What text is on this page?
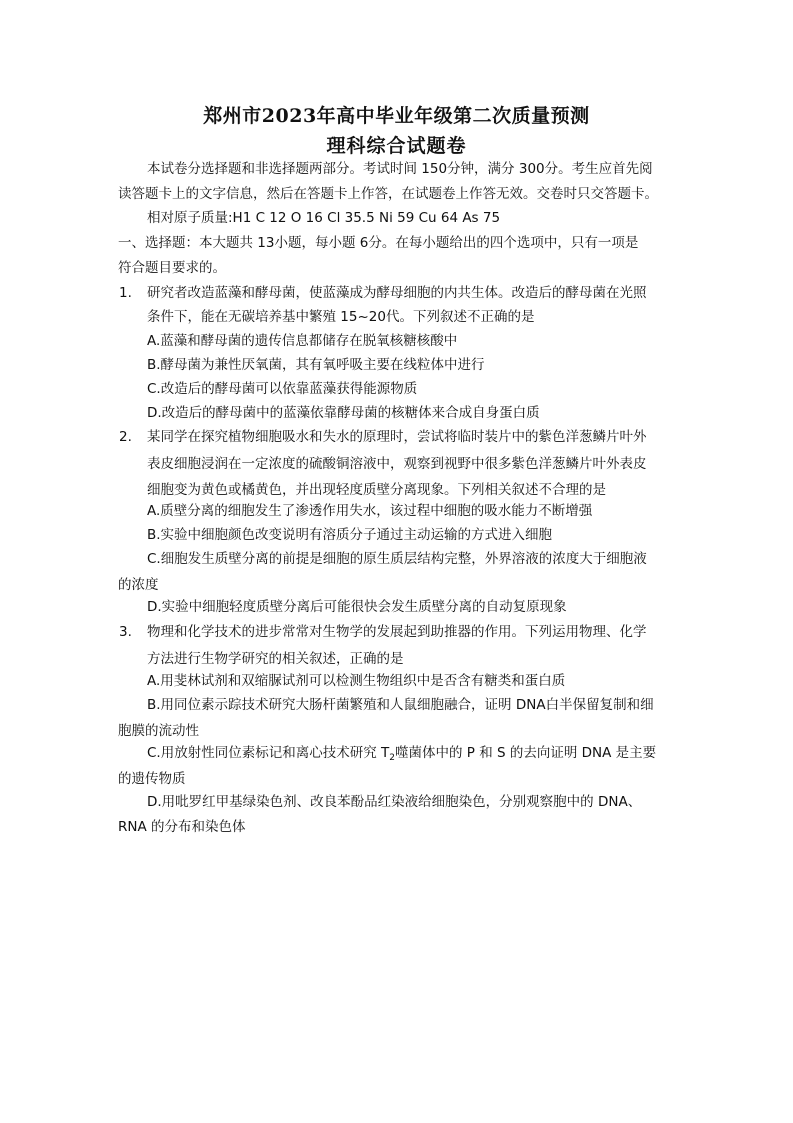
郑州市2023年高中毕业年级第二次质量预测
理科综合试题卷
本试卷分选择题和非选择题两部分。考试时间 150分钟，满分 300分。考生应首先阅
读答题卡上的文字信息，然后在答题卡上作答，在试题卷上作答无效。交卷时只交答题卡。
相对原子质量:H1 C 12 O 16 Cl 35.5 Ni 59 Cu 64 As 75
一、选择题：本大题共 13小题，每小题 6分。在每小题给出的四个选项中，只有一项是
符合题目要求的。
1. 研究者改造蓝藻和酵母菌，使蓝藻成为酵母细胞的内共生体。改造后的酵母菌在光照
条件下，能在无碳培养基中繁殖 15~20代。下列叙述不正确的是
A.蓝藻和酵母菌的遗传信息都储存在脱氧核糖核酸中
B.酵母菌为兼性厌氧菌，其有氧呼吸主要在线粒体中进行
C.改造后的酵母菌可以依靠蓝藻获得能源物质
D.改造后的酵母菌中的蓝藻依靠酵母菌的核糖体来合成自身蛋白质
2. 某同学在探究植物细胞吸水和失水的原理时，尝试将临时装片中的紫色洋葱鳞片叶外
表皮细胞浸润在一定浓度的硫酸铜溶液中，观察到视野中很多紫色洋葱鳞片叶外表皮
细胞变为黄色或橘黄色，并出现轻度质壁分离现象。下列相关叙述不合理的是
A.质壁分离的细胞发生了渗透作用失水，该过程中细胞的吸水能力不断增强
B.实验中细胞颜色改变说明有溶质分子通过主动运输的方式进入细胞
C.细胞发生质壁分离的前提是细胞的原生质层结构完整，外界溶液的浓度大于细胞液
的浓度
D.实验中细胞轻度质壁分离后可能很快会发生质壁分离的自动复原现象
3. 物理和化学技术的进步常常对生物学的发展起到助推器的作用。下列运用物理、化学
方法进行生物学研究的相关叙述，正确的是
A.用斐林试剂和双缩脲试剂可以检测生物组织中是否含有糖类和蛋白质
B.用同位素示踪技术研究大肠杆菌繁殖和人鼠细胞融合，证明 DNA白半保留复制和细
胞膜的流动性
C.用放射性同位素标记和离心技术研究 $T_2$噬菌体中的 P 和 S 的去向证明 DNA 是主要
的遗传物质
D.用吡罗红甲基绿染色剂、改良苯酚品红染液给细胞染色，分别观察胞中的 DNA、
RNA 的分布和染色体
